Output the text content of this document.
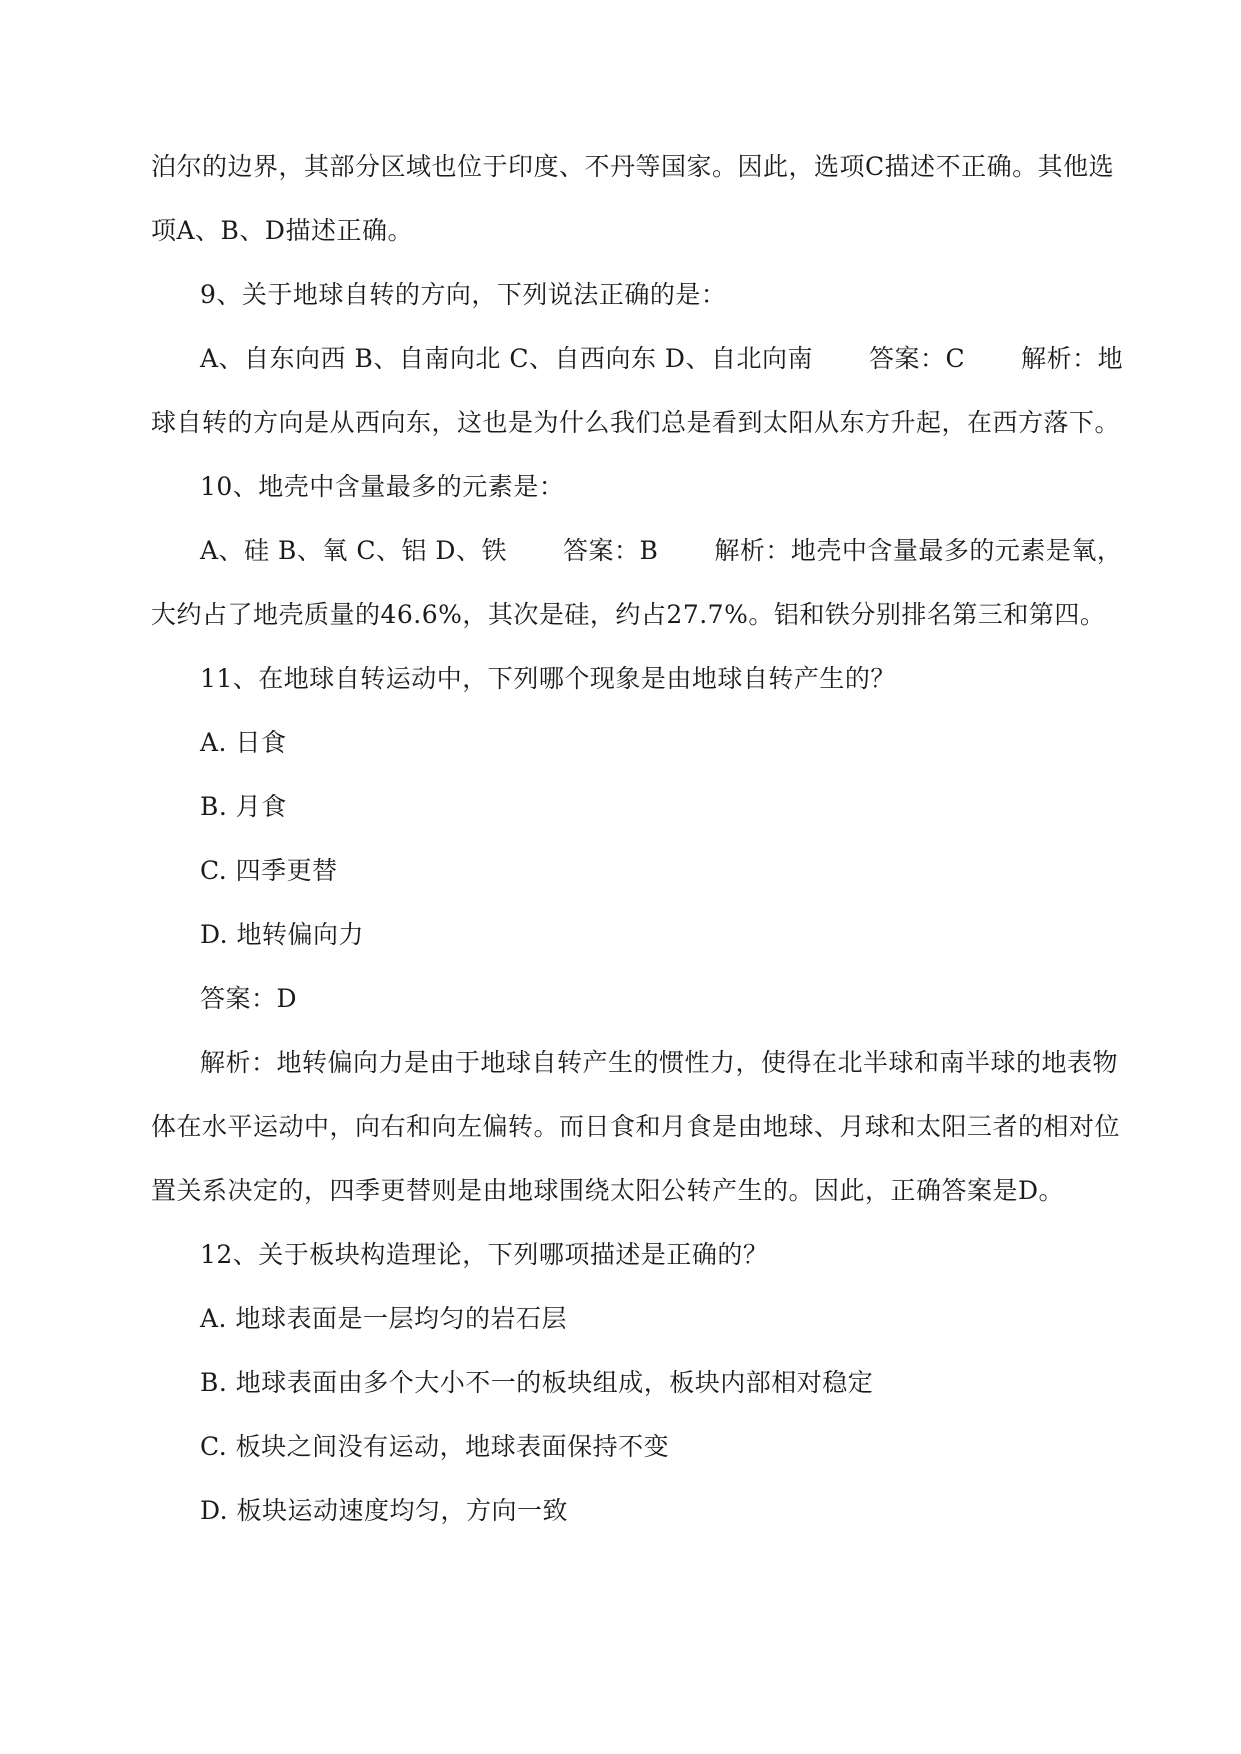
泊尔的边界，其部分区域也位于印度、不丹等国家。因此，选项C描述不正确。其他选
项A、B、D描述正确。
9、关于地球自转的方向，下列说法正确的是：
A、自东向西 B、自南向北 C、自西向东 D、自北向南 答案：C 解析：地
球自转的方向是从西向东，这也是为什么我们总是看到太阳从东方升起，在西方落下。
10、地壳中含量最多的元素是：
A、硅 B、氧 C、铝 D、铁 答案：B 解析：地壳中含量最多的元素是氧，
大约占了地壳质量的46.6%，其次是硅，约占27.7%。铝和铁分别排名第三和第四。
11、在地球自转运动中，下列哪个现象是由地球自转产生的？
A. 日食
B. 月食
C. 四季更替
D. 地转偏向力
答案：D
解析：地转偏向力是由于地球自转产生的惯性力，使得在北半球和南半球的地表物
体在水平运动中，向右和向左偏转。而日食和月食是由地球、月球和太阳三者的相对位
置关系决定的，四季更替则是由地球围绕太阳公转产生的。因此，正确答案是D。
12、关于板块构造理论，下列哪项描述是正确的？
A. 地球表面是一层均匀的岩石层
B. 地球表面由多个大小不一的板块组成，板块内部相对稳定
C. 板块之间没有运动，地球表面保持不变
D. 板块运动速度均匀，方向一致
